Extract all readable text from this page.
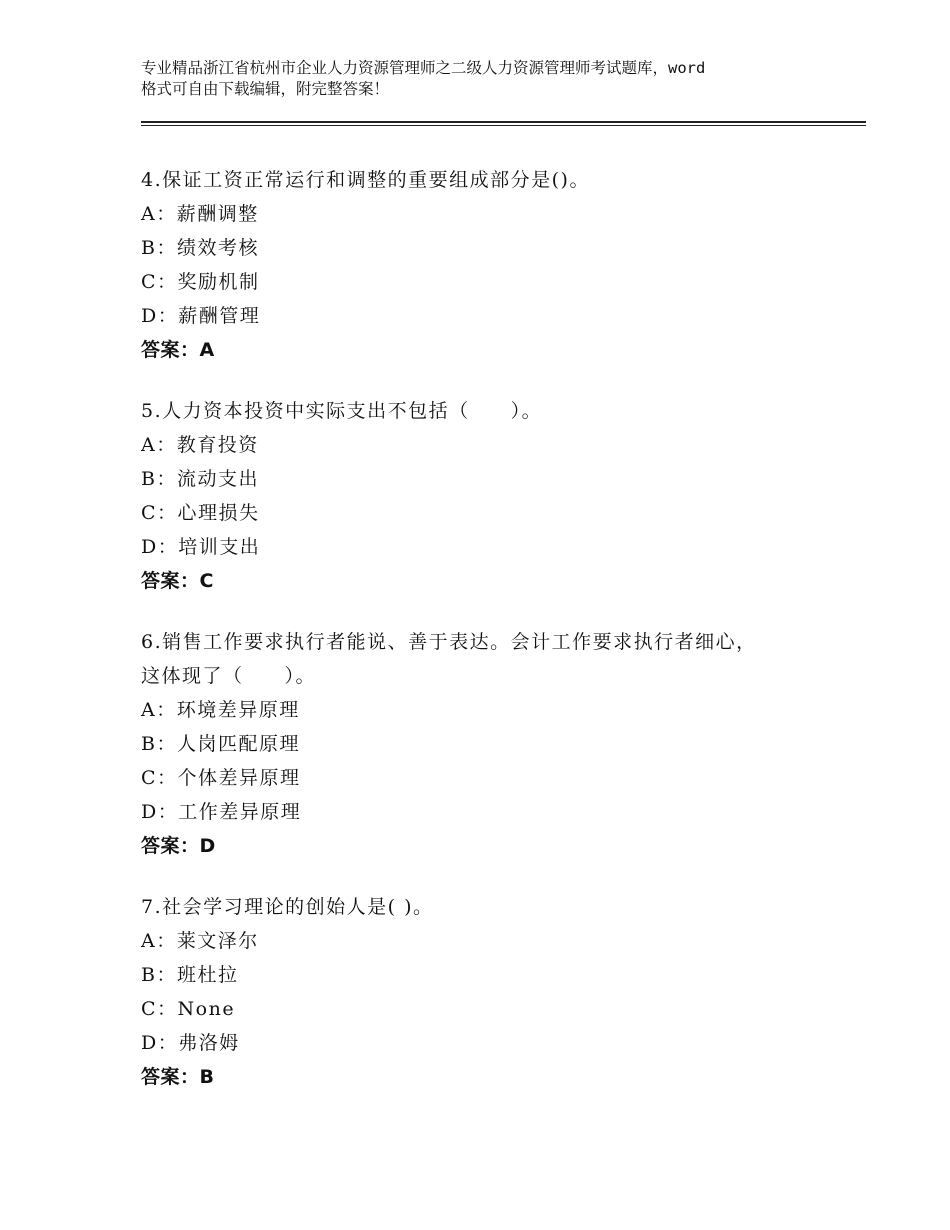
专业精品浙江省杭州市企业人力资源管理师之二级人力资源管理师考试题库，word
格式可自由下载编辑，附完整答案！
4.保证工资正常运行和调整的重要组成部分是()。
A：薪酬调整
B：绩效考核
C：奖励机制
D：薪酬管理
答案：A
5.人力资本投资中实际支出不包括（　　）。
A：教育投资
B：流动支出
C：心理损失
D：培训支出
答案：C
6.销售工作要求执行者能说、善于表达。会计工作要求执行者细心，
这体现了（　　）。
A：环境差异原理
B：人岗匹配原理
C：个体差异原理
D：工作差异原理
答案：D
7.社会学习理论的创始人是( )。
A：莱文泽尔
B：班杜拉
C：None
D：弗洛姆
答案：B
